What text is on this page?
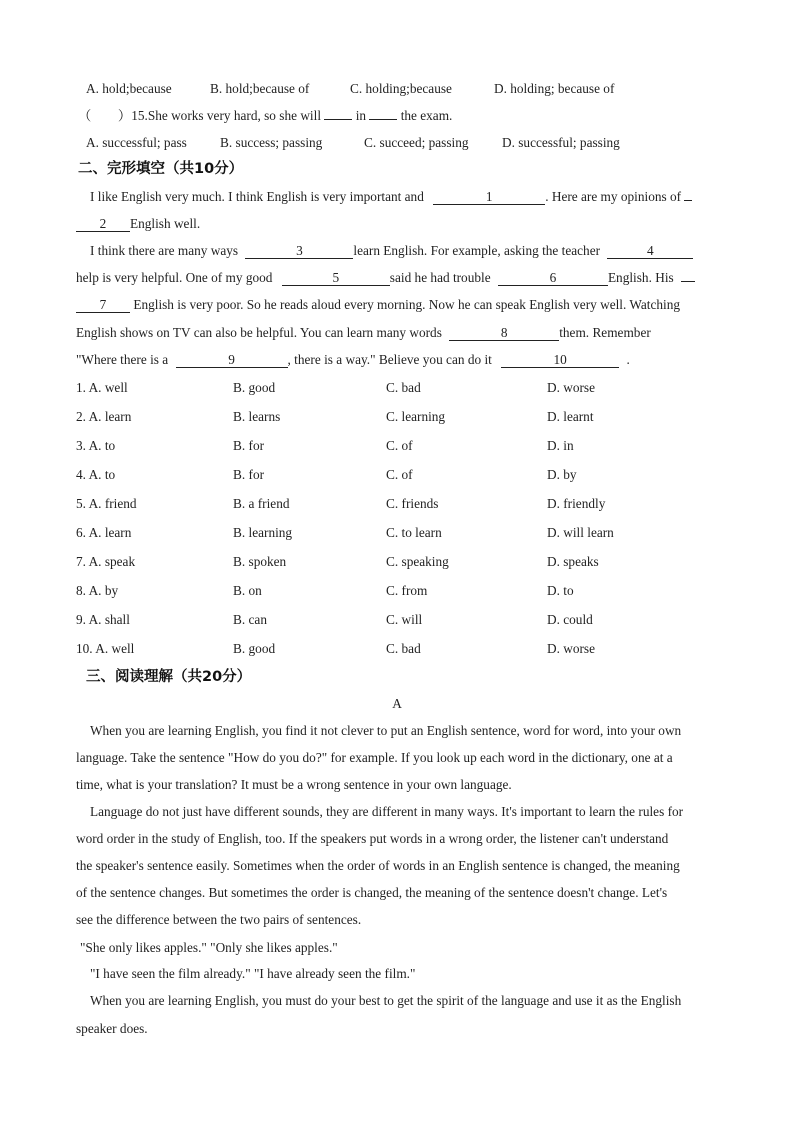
A. hold;because	B. hold;because of	C. holding;because	D. holding; because of
（　　）15.She works very hard, so she will	in	the exam.
A. successful; pass B. success; passing	C. succeed; passing	D. successful; passing
二、完形填空（共10分）
I like English very much. I think English is very important and	1	. Here are my opinions of
2 English well.
I think there are many ways	3	learn English. For example, asking the teacher	4
help is very helpful. One of my good	5	said he had trouble	6	English. His
7 English is very poor. So he reads aloud every morning. Now he can speak English very well. Watching
English shows on TV can also be helpful. You can learn many words	8	them. Remember
"Where there is a	9	, there is a way." Believe you can do it	10	.
1. A. well	B. good	C. bad	D. worse
2. A. learn	B. learns	C. learning	D. learnt
3. A. to	B. for	C. of	D. in
4. A. to	B. for	C. of	D. by
5. A. friend	B. a friend	C. friends	D. friendly
6. A. learn	B. learning	C. to learn	D. will learn
7. A. speak	B. spoken	C. speaking	D. speaks
8. A. by	B. on	C. from	D. to
9. A. shall	B. can	C. will	D. could
10. A. well	B. good	C. bad	D. worse
三、阅读理解（共20分）
A
When you are learning English, you find it not clever to put an English sentence, word for word, into your own
language. Take the sentence "How do you do?" for example. If you look up each word in the dictionary, one at a
time, what is your translation? It must be a wrong sentence in your own language.
Language do not just have different sounds, they are different in many ways. It's important to learn the rules for
word order in the study of English, too. If the speakers put words in a wrong order, the listener can't understand
the speaker's sentence easily. Sometimes when the order of words in an English sentence is changed, the meaning
of the sentence changes. But sometimes the order is changed, the meaning of the sentence doesn't change. Let's
see the difference between the two pairs of sentences.
"She only likes apples." "Only she likes apples."
"I have seen the film already." "I have already seen the film."
When you are learning English, you must do your best to get the spirit of the language and use it as the English
speaker does.
